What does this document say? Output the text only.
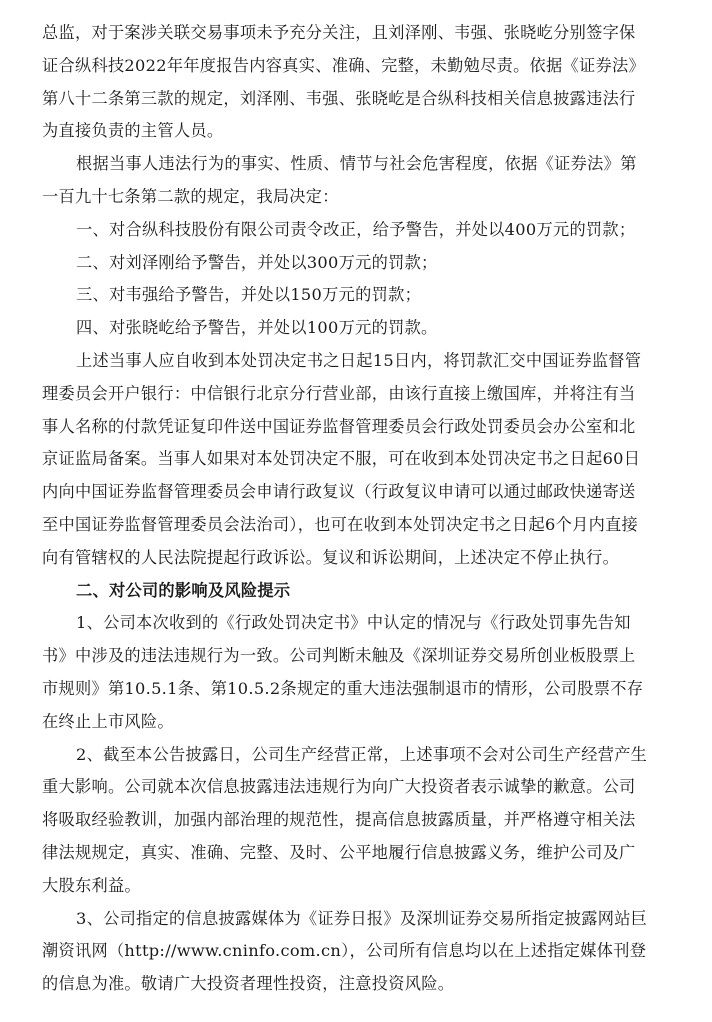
总监，对于案涉关联交易事项未予充分关注，且刘泽刚、韦强、张晓屹分别签字保
证合纵科技2022年年度报告内容真实、准确、完整，未勤勉尽责。依据《证券法》
第八十二条第三款的规定，刘泽刚、韦强、张晓屹是合纵科技相关信息披露违法行
为直接负责的主管人员。

根据当事人违法行为的事实、性质、情节与社会危害程度，依据《证券法》第
一百九十七条第二款的规定，我局决定：

一、对合纵科技股份有限公司责令改正，给予警告，并处以400万元的罚款；

二、对刘泽刚给予警告，并处以300万元的罚款；

三、对韦强给予警告，并处以150万元的罚款；

四、对张晓屹给予警告，并处以100万元的罚款。

上述当事人应自收到本处罚决定书之日起15日内，将罚款汇交中国证券监督管
理委员会开户银行：中信银行北京分行营业部，由该行直接上缴国库，并将注有当
事人名称的付款凭证复印件送中国证券监督管理委员会行政处罚委员会办公室和北
京证监局备案。当事人如果对本处罚决定不服，可在收到本处罚决定书之日起60日
内向中国证券监督管理委员会申请行政复议（行政复议申请可以通过邮政快递寄送
至中国证券监督管理委员会法治司），也可在收到本处罚决定书之日起6个月内直接
向有管辖权的人民法院提起行政诉讼。复议和诉讼期间，上述决定不停止执行。

二、对公司的影响及风险提示

1、公司本次收到的《行政处罚决定书》中认定的情况与《行政处罚事先告知
书》中涉及的违法违规行为一致。公司判断未触及《深圳证券交易所创业板股票上
市规则》第10.5.1条、第10.5.2条规定的重大违法强制退市的情形，公司股票不存
在终止上市风险。

2、截至本公告披露日，公司生产经营正常，上述事项不会对公司生产经营产生
重大影响。公司就本次信息披露违法违规行为向广大投资者表示诚挚的歉意。公司
将吸取经验教训，加强内部治理的规范性，提高信息披露质量，并严格遵守相关法
律法规规定，真实、准确、完整、及时、公平地履行信息披露义务，维护公司及广
大股东利益。

3、公司指定的信息披露媒体为《证券日报》及深圳证券交易所指定披露网站巨
潮资讯网（http://www.cninfo.com.cn），公司所有信息均以在上述指定媒体刊登
的信息为准。敬请广大投资者理性投资，注意投资风险。
